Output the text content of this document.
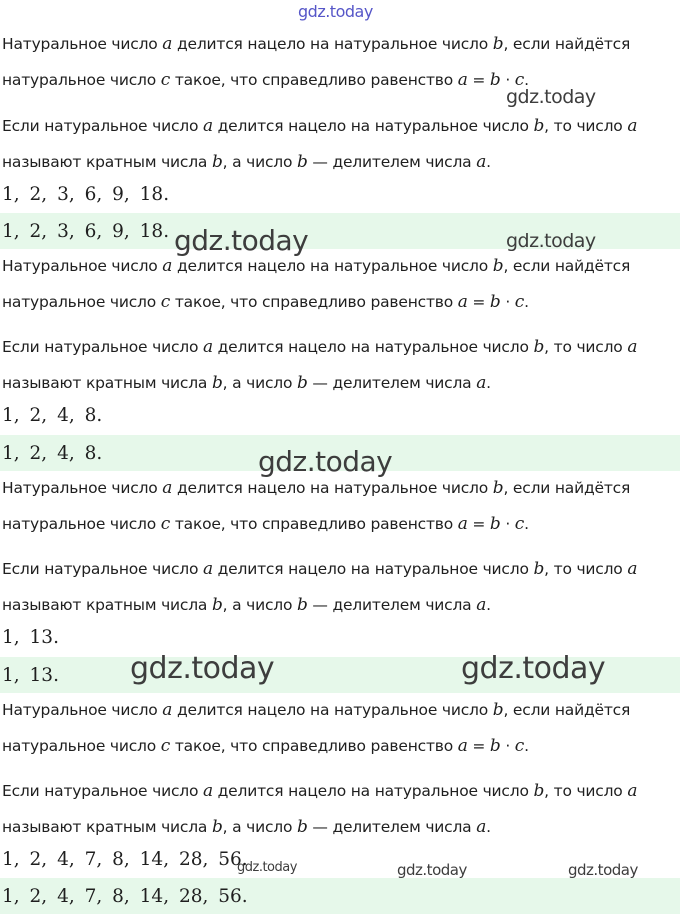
Натуральное число a делится нацело на натуральное число b, если найдётся
натуральное число c такое, что справедливо равенство a = b · c.
Если натуральное число a делится нацело на натуральное число b, то число a
называют кратным числа b, а число b — делителем числа a.
1, 2, 3, 6, 9, 18.
1, 2, 3, 6, 9, 18.
Натуральное число a делится нацело на натуральное число b, если найдётся
натуральное число c такое, что справедливо равенство a = b · c.
Если натуральное число a делится нацело на натуральное число b, то число a
называют кратным числа b, а число b — делителем числа a.
1, 2, 4, 8.
1, 2, 4, 8.
Натуральное число a делится нацело на натуральное число b, если найдётся
натуральное число c такое, что справедливо равенство a = b · c.
Если натуральное число a делится нацело на натуральное число b, то число a
называют кратным числа b, а число b — делителем числа a.
1, 13.
1, 13.
Натуральное число a делится нацело на натуральное число b, если найдётся
натуральное число c такое, что справедливо равенство a = b · c.
Если натуральное число a делится нацело на натуральное число b, то число a
называют кратным числа b, а число b — делителем числа a.
1, 2, 4, 7, 8, 14, 28, 56.
1, 2, 4, 7, 8, 14, 28, 56.
gdz.today
gdz.today
gdz.today	gdz.today
gdz.today
gdz.today	gdz.today
gdz.today	gdz.today	gdz.today
